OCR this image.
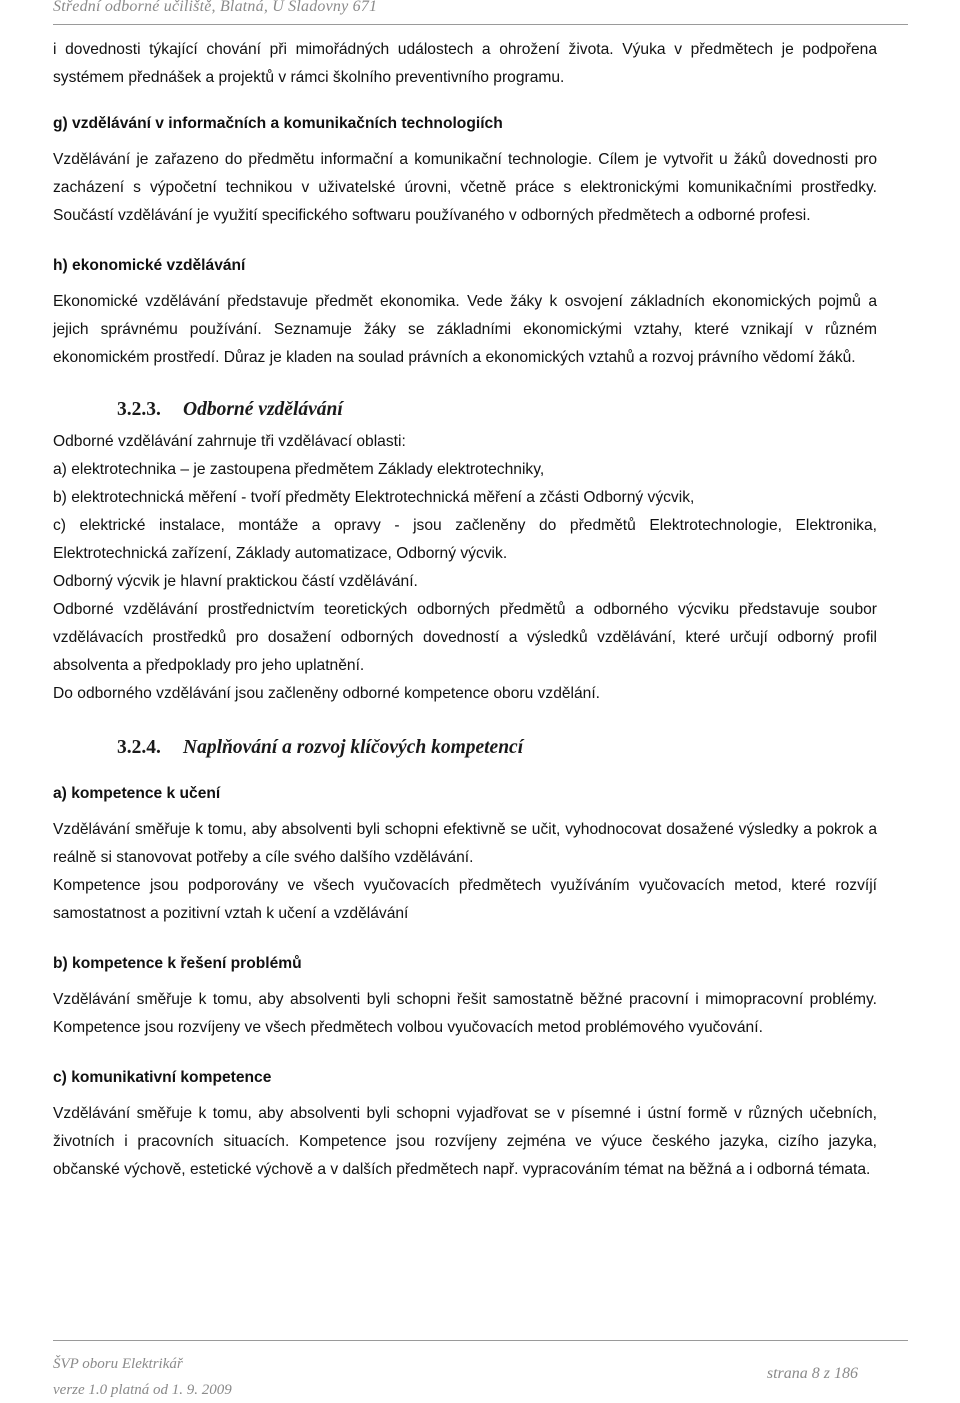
Střední odborné učiliště, Blatná, U Sladovny 671

i dovednosti týkající chování při mimořádných událostech a ohrožení života. Výuka v předmětech je podpořena systémem přednášek a projektů v rámci školního preventivního programu.

g) vzdělávání v informačních a komunikačních technologiích

Vzdělávání je zařazeno do předmětu informační a komunikační technologie. Cílem je vytvořit u žáků dovednosti pro zacházení s výpočetní technikou v uživatelské úrovni, včetně práce s elektronickými komunikačními prostředky. Součástí vzdělávání je využití specifického softwaru používaného v odborných předmětech a odborné profesi.

h) ekonomické vzdělávání

Ekonomické vzdělávání představuje předmět ekonomika. Vede žáky k osvojení základních ekonomických pojmů a jejich správnému používání. Seznamuje žáky se základními ekonomickými vztahy, které vznikají v různém ekonomickém prostředí. Důraz je kladen na soulad právních a ekonomických vztahů a rozvoj právního vědomí žáků.

3.2.3.	Odborné vzdělávání

Odborné vzdělávání zahrnuje tři vzdělávací oblasti:

a) elektrotechnika – je zastoupena předmětem Základy elektrotechniky,

b) elektrotechnická měření - tvoří předměty Elektrotechnická měření a zčásti Odborný výcvik,

c) elektrické instalace, montáže a opravy - jsou začleněny do předmětů Elektrotechnologie, Elektronika, Elektrotechnická zařízení, Základy automatizace, Odborný výcvik.

Odborný výcvik je hlavní praktickou částí vzdělávání.

Odborné vzdělávání prostřednictvím teoretických odborných předmětů a odborného výcviku představuje soubor vzdělávacích prostředků pro dosažení odborných dovedností a výsledků vzdělávání, které určují odborný profil absolventa a předpoklady pro jeho uplatnění.

Do odborného vzdělávání jsou začleněny odborné kompetence oboru vzdělání.

3.2.4.	Naplňování a rozvoj klíčových kompetencí

a) kompetence k učení

Vzdělávání směřuje k tomu, aby absolventi byli schopni efektivně se učit, vyhodnocovat dosažené výsledky a pokrok a reálně si stanovovat potřeby a cíle svého dalšího vzdělávání.

Kompetence jsou podporovány ve všech vyučovacích předmětech využíváním vyučovacích metod, které rozvíjí samostatnost a pozitivní vztah k učení a vzdělávání

b) kompetence k řešení problémů

Vzdělávání směřuje k tomu, aby absolventi byli schopni řešit samostatně běžné pracovní i mimopracovní problémy. Kompetence jsou rozvíjeny ve všech předmětech volbou vyučovacích metod problémového vyučování.

c) komunikativní kompetence

Vzdělávání směřuje k tomu, aby absolventi byli schopni vyjadřovat se v písemné i ústní formě v různých učebních, životních i pracovních situacích. Kompetence jsou rozvíjeny zejména ve výuce českého jazyka, cizího jazyka, občanské výchově, estetické výchově a v dalších předmětech např. vypracováním témat na běžná a i odborná témata.

ŠVP oboru Elektrikář
verze 1.0 platná od 1. 9. 2009
strana 8 z 186
